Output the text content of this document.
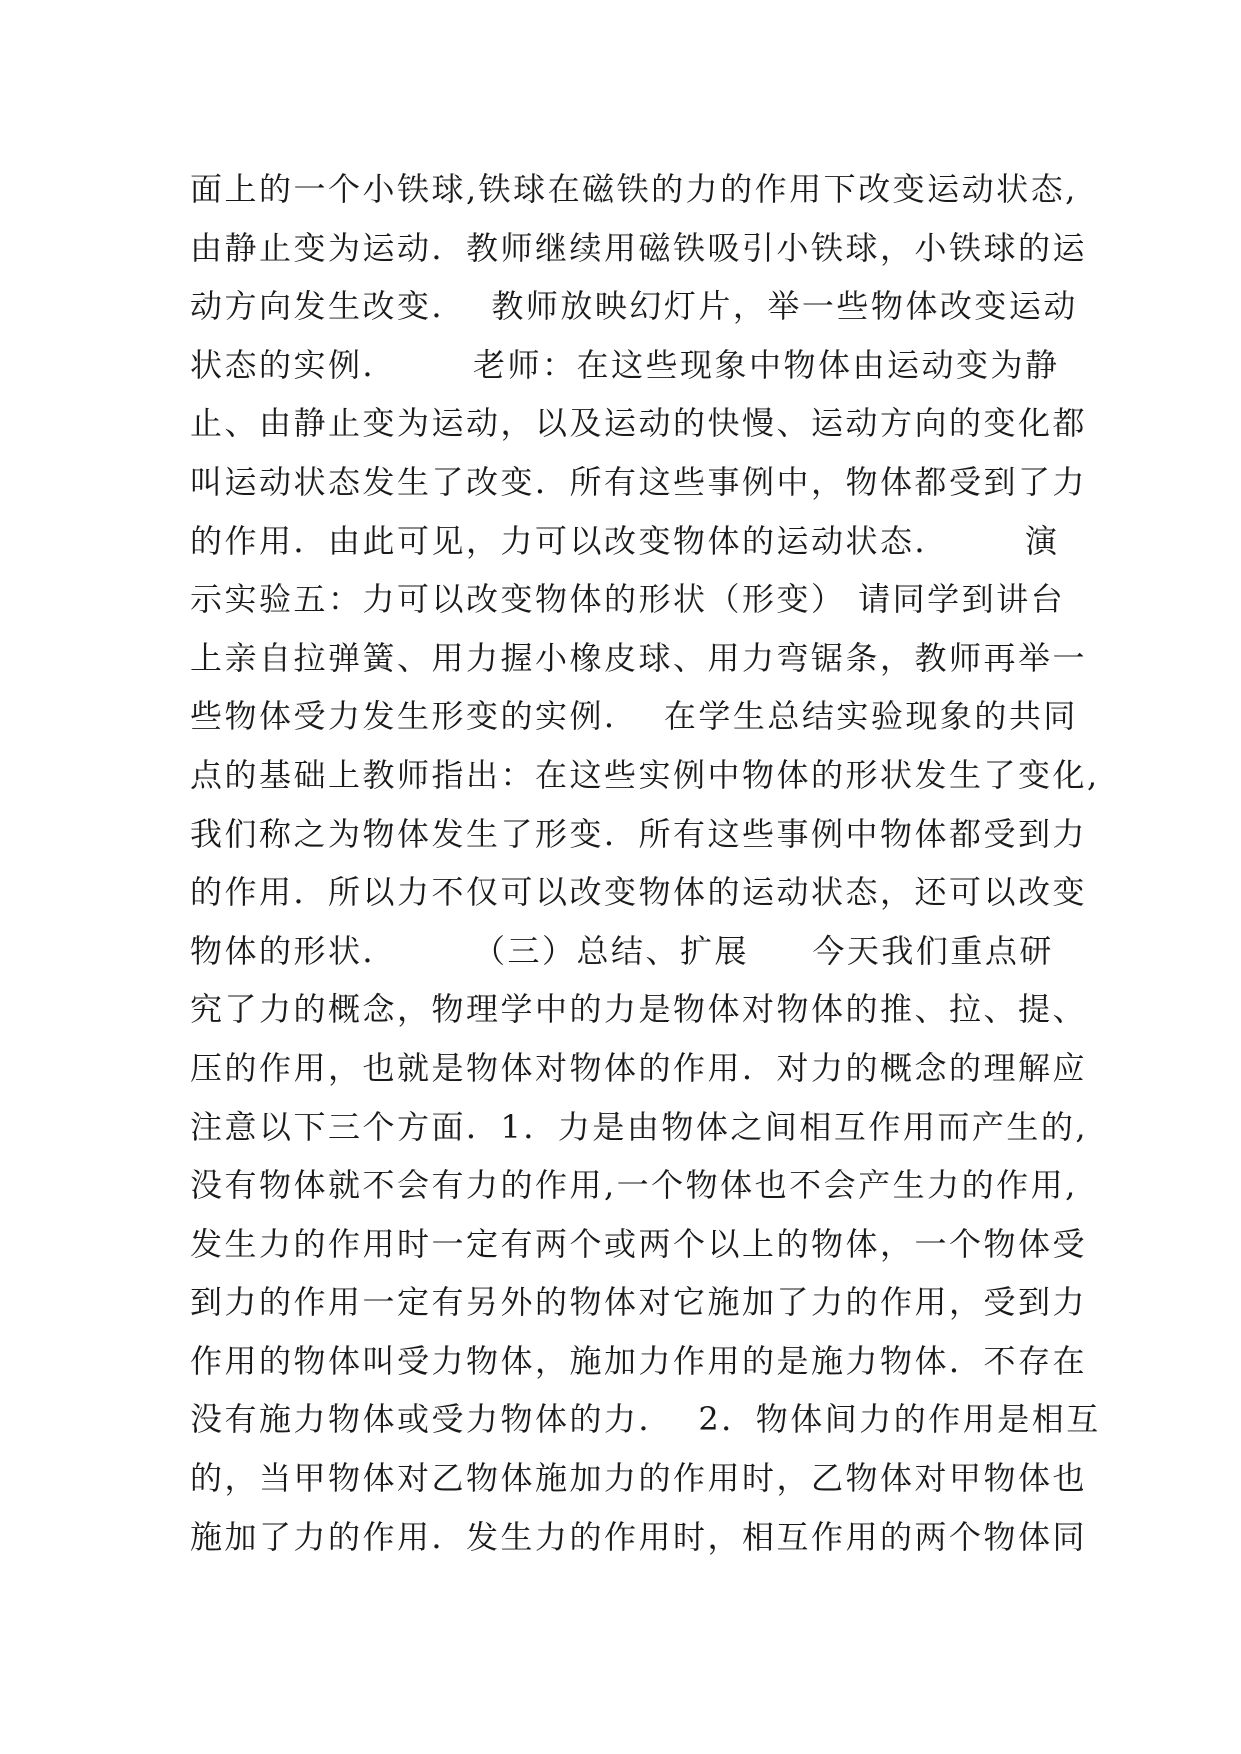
面上的一个小铁球,铁球在磁铁的力的作用下改变运动状态,
由静止变为运动．教师继续用磁铁吸引小铁球，小铁球的运
动方向发生改变．  教师放映幻灯片，举一些物体改变运动
状态的实例．      老师：在这些现象中物体由运动变为静
止、由静止变为运动，以及运动的快慢、运动方向的变化都
叫运动状态发生了改变．所有这些事例中，物体都受到了力
的作用．由此可见，力可以改变物体的运动状态．      演
示实验五：力可以改变物体的形状（形变） 请同学到讲台
上亲自拉弹簧、用力握小橡皮球、用力弯锯条，教师再举一
些物体受力发生形变的实例．  在学生总结实验现象的共同
点的基础上教师指出：在这些实例中物体的形状发生了变化,
我们称之为物体发生了形变．所有这些事例中物体都受到力
的作用．所以力不仅可以改变物体的运动状态，还可以改变
物体的形状．      （三）总结、扩展     今天我们重点研
究了力的概念，物理学中的力是物体对物体的推、拉、提、
压的作用，也就是物体对物体的作用．对力的概念的理解应
注意以下三个方面．1．力是由物体之间相互作用而产生的,
没有物体就不会有力的作用,一个物体也不会产生力的作用,
发生力的作用时一定有两个或两个以上的物体，一个物体受
到力的作用一定有另外的物体对它施加了力的作用，受到力
作用的物体叫受力物体，施加力作用的是施力物体．不存在
没有施力物体或受力物体的力．  2．物体间力的作用是相互
的，当甲物体对乙物体施加力的作用时，乙物体对甲物体也
施加了力的作用．发生力的作用时，相互作用的两个物体同
